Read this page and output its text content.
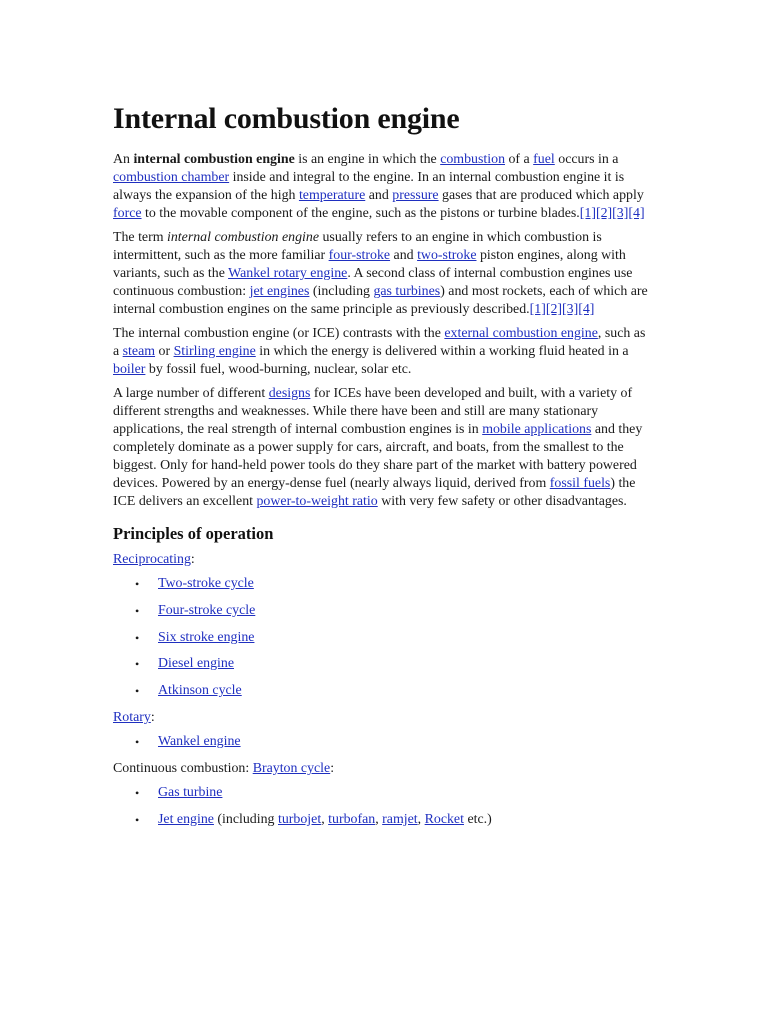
Internal combustion engine

An internal combustion engine is an engine in which the combustion of a fuel occurs in a combustion chamber inside and integral to the engine. In an internal combustion engine it is always the expansion of the high temperature and pressure gases that are produced which apply force to the movable component of the engine, such as the pistons or turbine blades.[1][2][3][4]

The term internal combustion engine usually refers to an engine in which combustion is intermittent, such as the more familiar four-stroke and two-stroke piston engines, along with variants, such as the Wankel rotary engine. A second class of internal combustion engines use continuous combustion: jet engines (including gas turbines) and most rockets, each of which are internal combustion engines on the same principle as previously described.[1][2][3][4]

The internal combustion engine (or ICE) contrasts with the external combustion engine, such as a steam or Stirling engine in which the energy is delivered within a working fluid heated in a boiler by fossil fuel, wood-burning, nuclear, solar etc.

A large number of different designs for ICEs have been developed and built, with a variety of different strengths and weaknesses. While there have been and still are many stationary applications, the real strength of internal combustion engines is in mobile applications and they completely dominate as a power supply for cars, aircraft, and boats, from the smallest to the biggest. Only for hand-held power tools do they share part of the market with battery powered devices. Powered by an energy-dense fuel (nearly always liquid, derived from fossil fuels) the ICE delivers an excellent power-to-weight ratio with very few safety or other disadvantages.

Principles of operation
Reciprocating:
• Two-stroke cycle
• Four-stroke cycle
• Six stroke engine
• Diesel engine
• Atkinson cycle
Rotary:
• Wankel engine
Continuous combustion: Brayton cycle:
• Gas turbine
• Jet engine (including turbojet, turbofan, ramjet, Rocket etc.)
